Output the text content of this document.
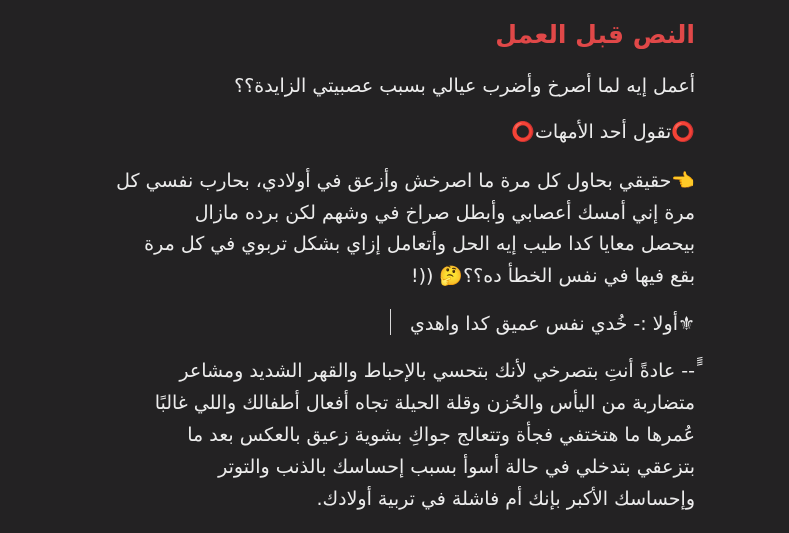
النص قبل العمل
أعمل إيه لما أصرخ وأضرب عيالي بسبب عصبيتي الزايدة؟؟
⭕تقول أحد الأمهات⭕
👈حقيقي بحاول كل مرة ما اصرخش وأزعق في أولادي، بحارب نفسي كل
مرة إني أمسك أعصابي وأبطل صراخ في وشهم لكن برده مازال
بيحصل معايا كدا طيب إيه الحل وأتعامل إزاي بشكل تربوي في كل مرة
بقع فيها في نفس الخطأ ده؟؟🤔 ((!
⚜أولا :- خُدي نفس عميق كدا واهدي
ًً-- عادةً أنتِ بتصرخي لأنك بتحسي بالإحباط والقهر الشديد ومشاعر
متضاربة من اليأس والحُزن وقلة الحيلة تجاه أفعال أطفالك واللي غالبًا
عُمرها ما هتختفي فجأة وتتعالج جواكِ بشوية زعيق بالعكس بعد ما
بتزعقي بتدخلي في حالة أسوأ بسبب إحساسك بالذنب والتوتر
وإحساسك الأكبر بإنك أم فاشلة في تربية أولادك.
